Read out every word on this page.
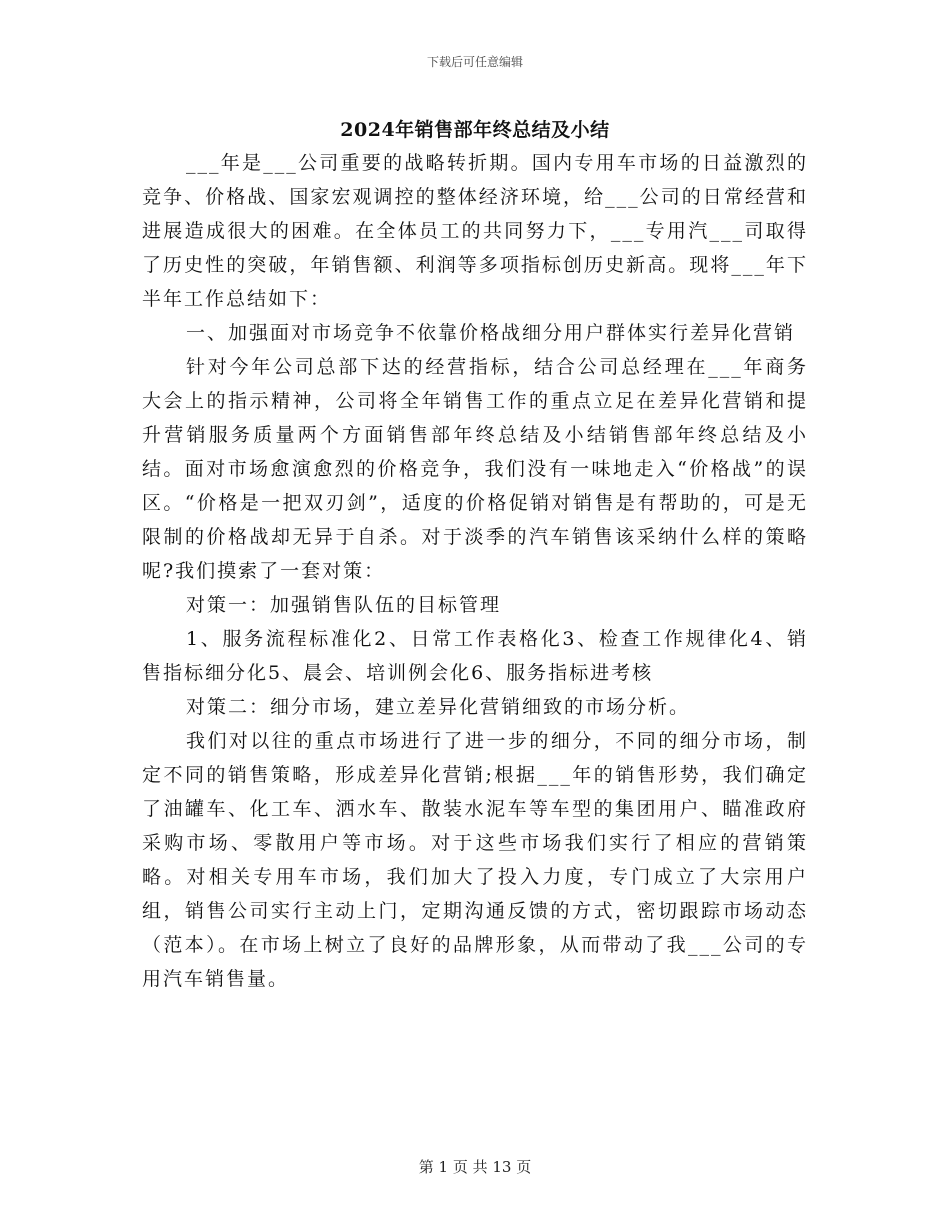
下载后可任意编辑
2024年销售部年终总结及小结

___年是___公司重要的战略转折期。国内专用车市场的日益激烈的竞争、价格战、国家宏观调控的整体经济环境，给___公司的日常经营和进展造成很大的困难。在全体员工的共同努力下，___专用汽___司取得了历史性的突破，年销售额、利润等多项指标创历史新高。现将___年下半年工作总结如下：

一、加强面对市场竞争不依靠价格战细分用户群体实行差异化营销

针对今年公司总部下达的经营指标，结合公司总经理在___年商务大会上的指示精神，公司将全年销售工作的重点立足在差异化营销和提升营销服务质量两个方面销售部年终总结及小结销售部年终总结及小结。面对市场愈演愈烈的价格竞争，我们没有一味地走入“价格战”的误区。“价格是一把双刃剑”，适度的价格促销对销售是有帮助的，可是无限制的价格战却无异于自杀。对于淡季的汽车销售该采纳什么样的策略呢?我们摸索了一套对策：

对策一：加强销售队伍的目标管理

1、服务流程标准化2、日常工作表格化3、检查工作规律化4、销售指标细分化5、晨会、培训例会化6、服务指标进考核

对策二：细分市场，建立差异化营销细致的市场分析。

我们对以往的重点市场进行了进一步的细分，不同的细分市场，制定不同的销售策略，形成差异化营销;根据___年的销售形势，我们确定了油罐车、化工车、洒水车、散装水泥车等车型的集团用户、瞄准政府采购市场、零散用户等市场。对于这些市场我们实行了相应的营销策略。对相关专用车市场，我们加大了投入力度，专门成立了大宗用户组，销售公司实行主动上门，定期沟通反馈的方式，密切跟踪市场动态（范本）。在市场上树立了良好的品牌形象，从而带动了我___公司的专用汽车销售量。

第 1 页 共 13 页
